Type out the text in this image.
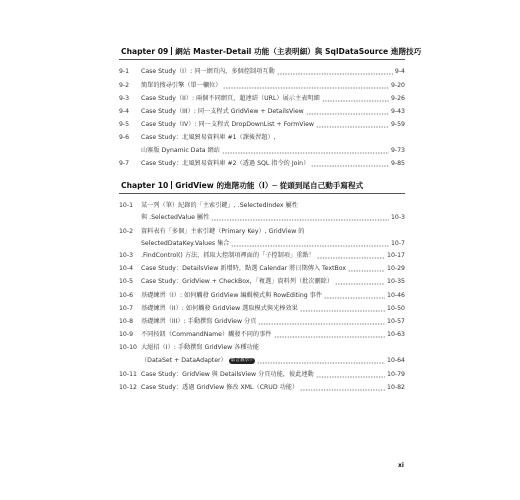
Chapter 09 網站 Master-Detail 功能（主表明細）與 SqlDataSource 進階技巧
9-1 Case Study（I）: 同一網頁內，多個控制項互動	9-4
9-2 簡單的搜尋引擎（單一欄位）	9-20
9-3 Case Study（II）: 兩個不同網頁，超連結（URL）展示主表明細	9-26
9-4 Case Study（III）: 同一支程式 GridView + DetailsView	9-43
9-5 Case Study（IV）: 同一支程式 DropDownList + FormView	9-59
9-6 Case Study：北風貿易資料庫 #1（課後習題）,
山寨版 Dynamic Data 網站	9-73
9-7 Case Study：北風貿易資料庫 #2（透過 SQL 指令的 Join）	9-85
Chapter 10 GridView 的進階功能（I）─ 從頭到尾自己動手寫程式
10-1 某一列（筆）紀錄的「主索引鍵」, .SelectedIndex 屬性
與 .SelectedValue 屬性	10-3
10-2 資料表有「多個」主索引鍵（Primary Key）, GridView 的
SelectedDataKey.Values 集合	10-7
10-3 .FindControl() 方法，抓取大控制項裡面的「子控制項」重點！	10-17
10-4 Case Study：DetailsView 新增時，點選 Calendar 將日期傳入 TextBox	10-29
10-5 Case Study：GridView + CheckBox，「複選」資料列（批次刪除）	10-35
10-6 基礎練習（I）: 如何觸發 GridView 編輯模式與 RowEditing 事件	10-46
10-7 基礎練習（II）: 如何觸發 GridView 選取模式與光棒效果	10-50
10-8 基礎練習（III）: 手動撰寫 GridView 分頁	10-57
10-9 不同按鈕（CommandName）觸發不同的事件	10-63
10-10 大絕招（I）: 手動撰寫 GridView 各種功能
（DataSet + DataAdapter） 影音教學!!	10-64
10-11 Case Study：GridView 與 DetailsView 分頁功能，彼此連動	10-79
10-12 Case Study：透過 GridView 修改 XML（CRUD 功能）	10-82
xi
